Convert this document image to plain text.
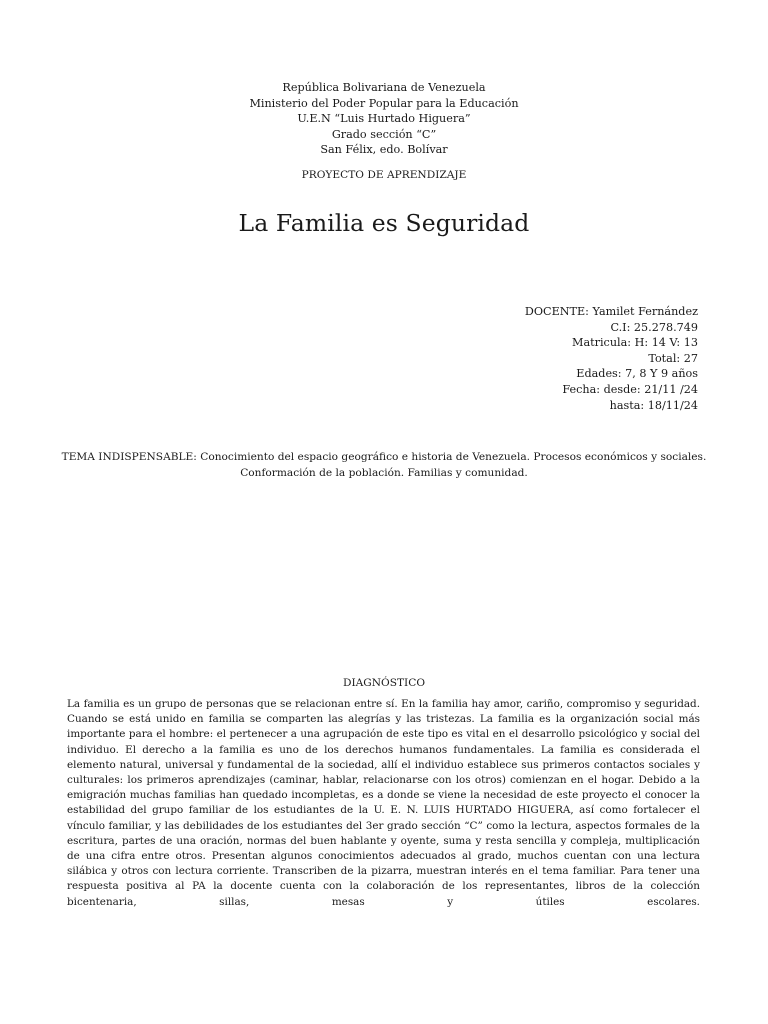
República Bolivariana de Venezuela
Ministerio del Poder Popular para la Educación
U.E.N “Luis Hurtado Higuera”
Grado sección “C”
San Félix, edo. Bolívar
PROYECTO DE APRENDIZAJE
La Familia es Seguridad
DOCENTE: Yamilet Fernández
C.I: 25.278.749
Matricula: H: 14 V: 13
Total: 27
Edades: 7, 8 Y 9 años
Fecha: desde: 21/11 /24
hasta: 18/11/24
TEMA INDISPENSABLE: Conocimiento del espacio geográfico e historia de Venezuela. Procesos económicos y sociales. Conformación de la población. Familias y comunidad.
DIAGNÓSTICO
La familia es un grupo de personas que se relacionan entre sí. En la familia hay amor, cariño, compromiso y seguridad. Cuando se está unido en familia se comparten las alegrías y las tristezas. La familia es la organización social más importante para el hombre: el pertenecer a una agrupación de este tipo es vital en el desarrollo psicológico y social del individuo. El derecho a la familia es uno de los derechos humanos fundamentales. La familia es considerada el elemento natural, universal y fundamental de la sociedad, allí el individuo establece sus primeros contactos sociales y culturales: los primeros aprendizajes (caminar, hablar, relacionarse con los otros) comienzan en el hogar. Debido a la emigración muchas familias han quedado incompletas, es a donde se viene la necesidad de este proyecto el conocer la estabilidad del grupo familiar de los estudiantes de la U. E. N. LUIS HURTADO HIGUERA, así como fortalecer el vínculo familiar, y las debilidades de los estudiantes del 3er grado sección “C” como la lectura, aspectos formales de la escritura, partes de una oración, normas del buen hablante y oyente, suma y resta sencilla y compleja, multiplicación de una cifra entre otros. Presentan algunos conocimientos adecuados al grado, muchos cuentan con una lectura silábica y otros con lectura corriente. Transcriben de la pizarra, muestran interés en el tema familiar. Para tener una respuesta positiva al PA la docente cuenta con la colaboración de los representantes, libros de la colección bicentenaria, sillas, mesas y útiles escolares.
